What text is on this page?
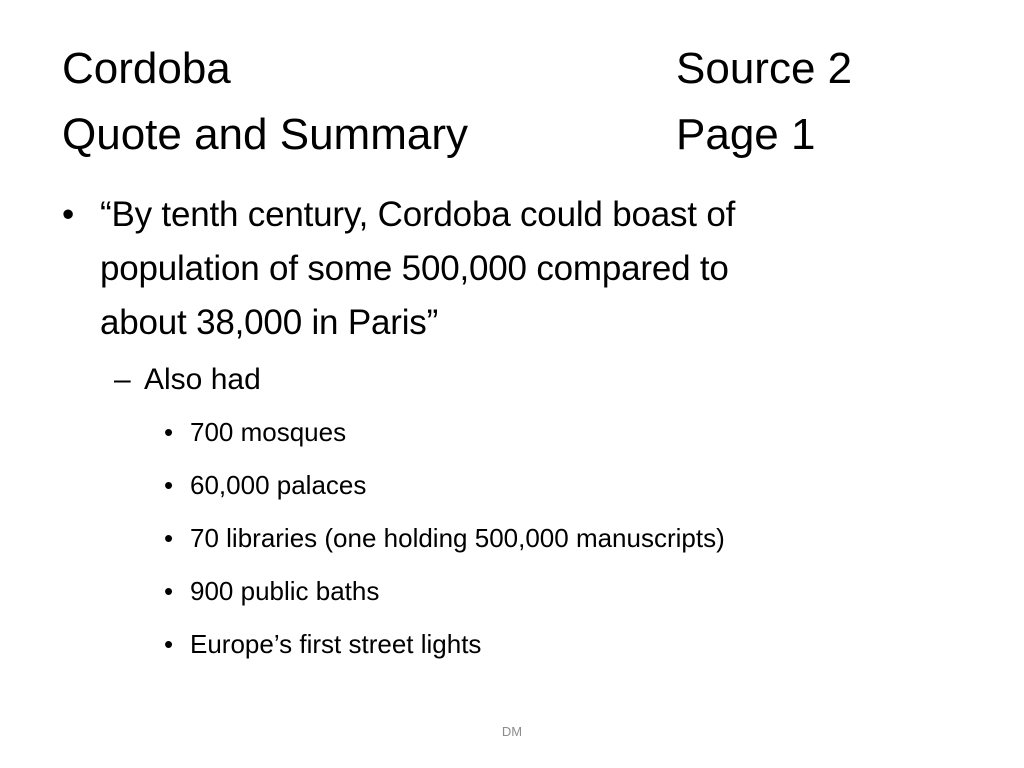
Cordoba	Source 2
Quote and Summary	Page 1
• “By tenth century, Cordoba could boast of
population of some 500,000 compared to
about 38,000 in Paris”
– Also had
• 700 mosques
• 60,000 palaces
• 70 libraries (one holding 500,000 manuscripts)
• 900 public baths
• Europe’s first street lights
DM
